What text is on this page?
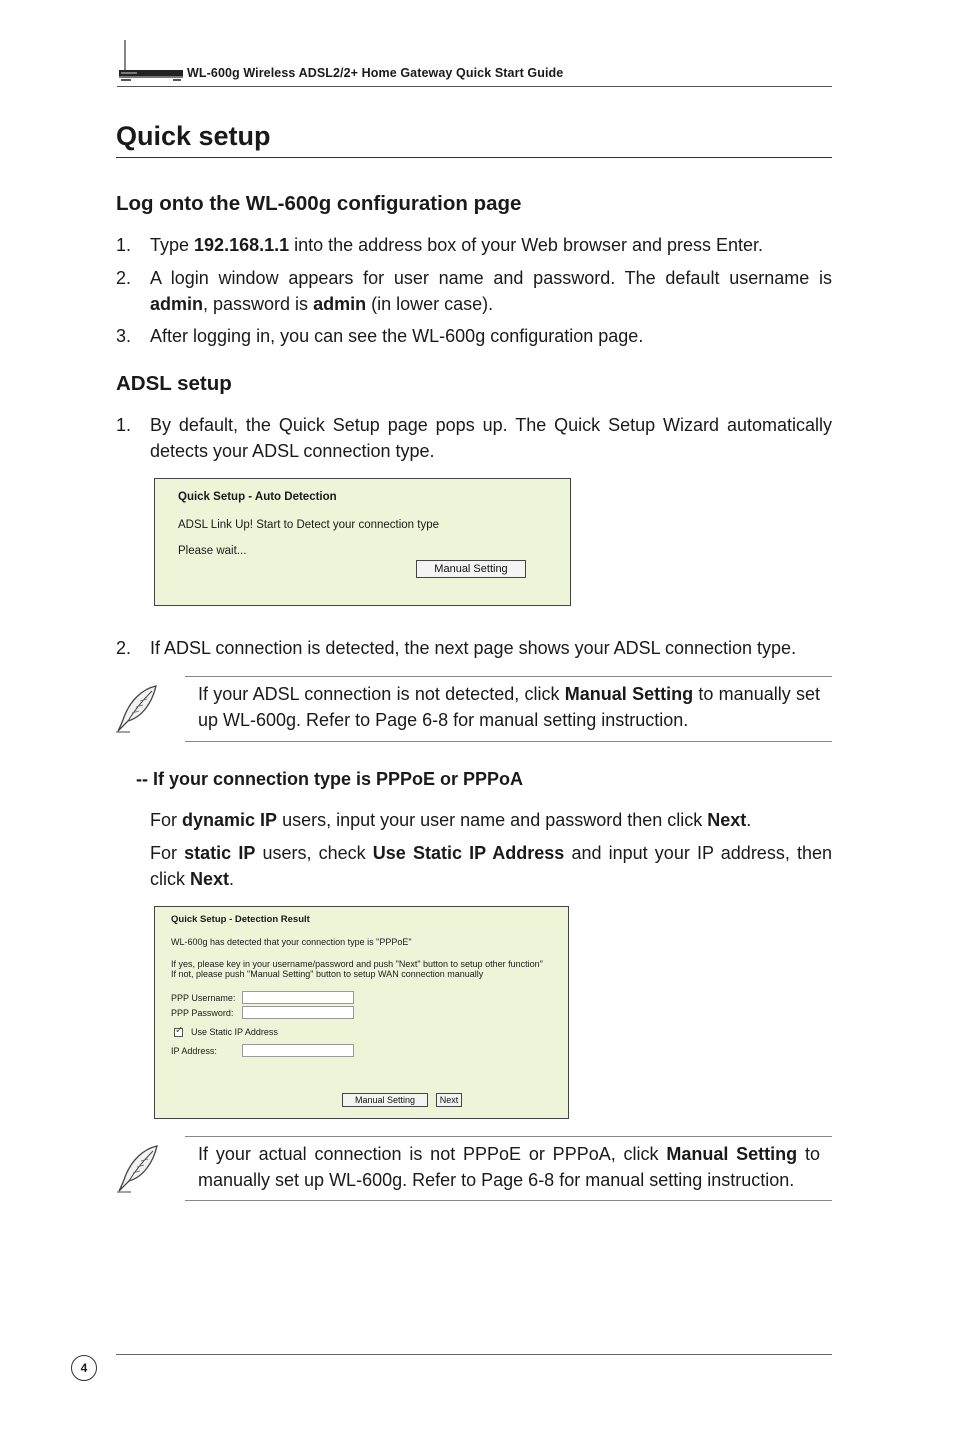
WL-600g Wireless ADSL2/2+ Home Gateway Quick Start Guide
Quick setup
Log onto the WL-600g configuration page
1. Type 192.168.1.1 into the address box of your Web browser and press Enter.
2. A login window appears for user name and password. The default username is admin, password is admin (in lower case).
3. After logging in, you can see the WL-600g configuration page.
ADSL setup
1. By default, the Quick Setup page pops up. The Quick Setup Wizard automatically detects your ADSL connection type.
Quick Setup - Auto Detection
ADSL Link Up! Start to Detect your connection type
Please wait...
Manual Setting
2. If ADSL connection is detected, the next page shows your ADSL connection type.
If your ADSL connection is not detected, click Manual Setting to manually set up WL-600g. Refer to Page 6-8 for manual setting instruction.
-- If your connection type is PPPoE or PPPoA
For dynamic IP users, input your user name and password then click Next.
For static IP users, check Use Static IP Address and input your IP address, then click Next.
Quick Setup - Detection Result
WL-600g has detected that your connection type is "PPPoE"
If yes, please key in your username/password and push "Next" button to setup other function"
If not, please push "Manual Setting" button to setup WAN connection manually
PPP Username:
PPP Password:
✓ Use Static IP Address
IP Address:
Manual Setting	Next
If your actual connection is not PPPoE or PPPoA, click Manual Setting to manually set up WL-600g. Refer to Page 6-8 for manual setting instruction.
4
